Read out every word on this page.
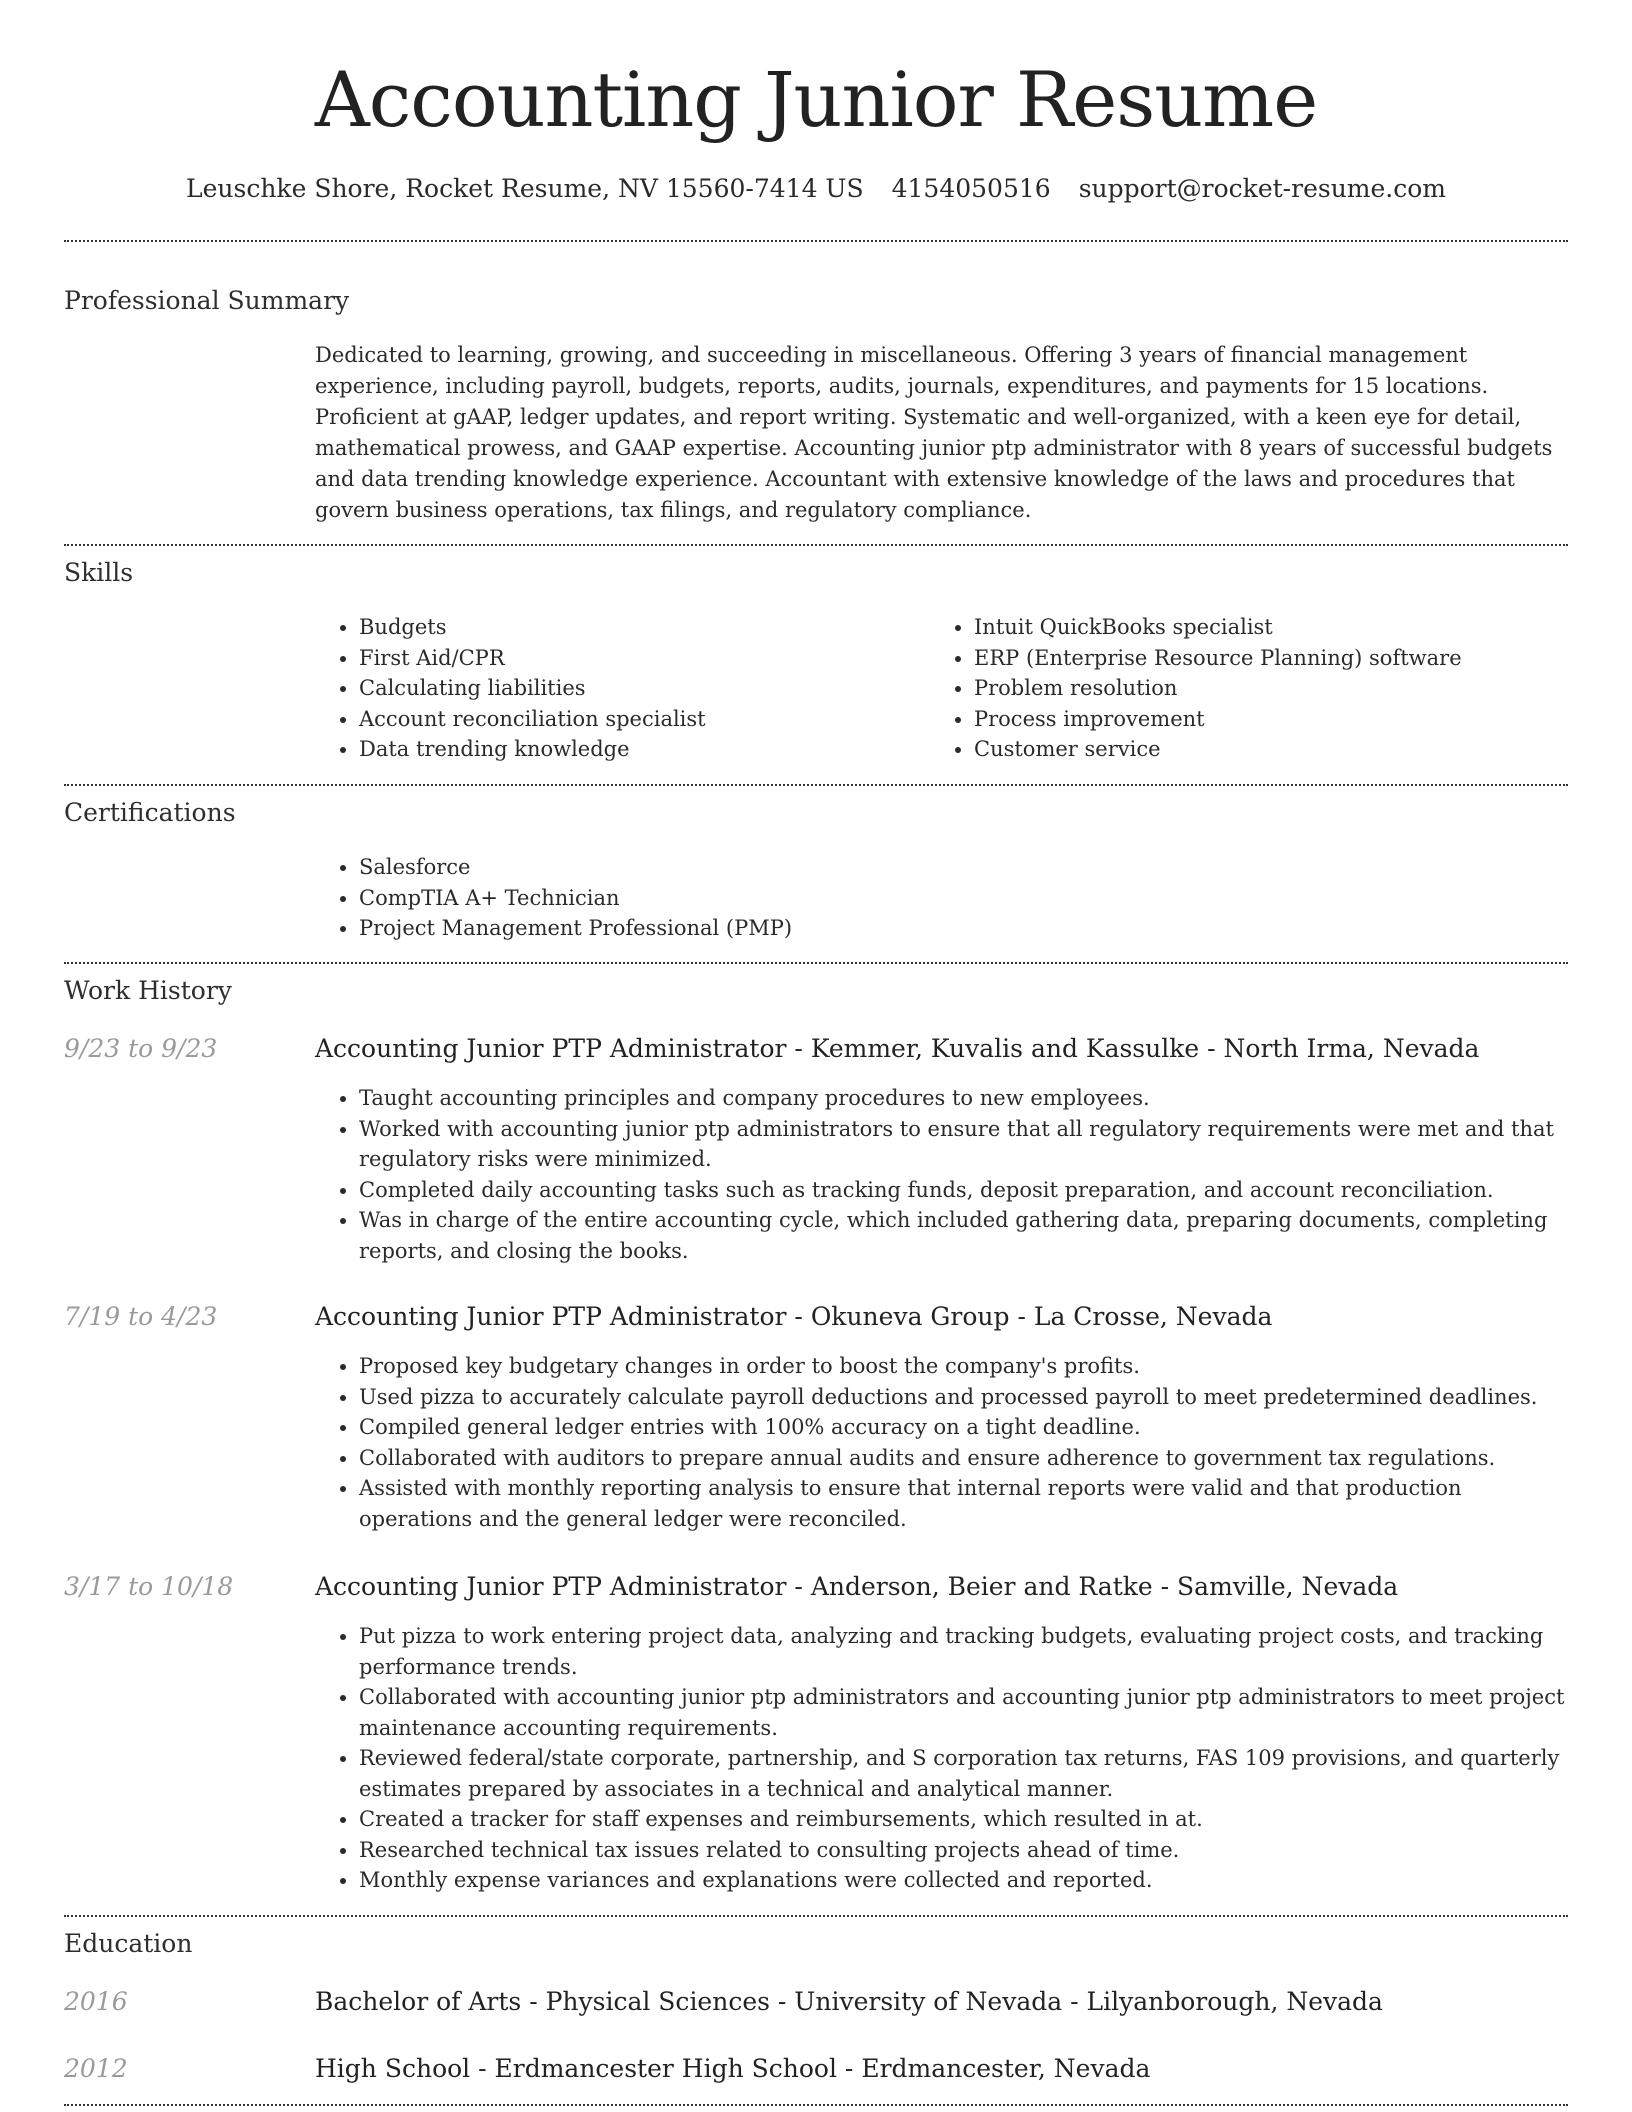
Accounting Junior Resume
Leuschke Shore, Rocket Resume, NV 15560-7414 US 4154050516 support@rocket-resume.com
Professional Summary
Dedicated to learning, growing, and succeeding in miscellaneous. Offering 3 years of financial management experience, including payroll, budgets, reports, audits, journals, expenditures, and payments for 15 locations. Proficient at gAAP, ledger updates, and report writing. Systematic and well-organized, with a keen eye for detail, mathematical prowess, and GAAP expertise. Accounting junior ptp administrator with 8 years of successful budgets and data trending knowledge experience. Accountant with extensive knowledge of the laws and procedures that govern business operations, tax filings, and regulatory compliance.
Skills
• Budgets
• First Aid/CPR
• Calculating liabilities
• Account reconciliation specialist
• Data trending knowledge
• Intuit QuickBooks specialist
• ERP (Enterprise Resource Planning) software
• Problem resolution
• Process improvement
• Customer service
Certifications
• Salesforce
• CompTIA A+ Technician
• Project Management Professional (PMP)
Work History
9/23 to 9/23	Accounting Junior PTP Administrator - Kemmer, Kuvalis and Kassulke - North Irma, Nevada
• Taught accounting principles and company procedures to new employees.
• Worked with accounting junior ptp administrators to ensure that all regulatory requirements were met and that regulatory risks were minimized.
• Completed daily accounting tasks such as tracking funds, deposit preparation, and account reconciliation.
• Was in charge of the entire accounting cycle, which included gathering data, preparing documents, completing reports, and closing the books.
7/19 to 4/23	Accounting Junior PTP Administrator - Okuneva Group - La Crosse, Nevada
• Proposed key budgetary changes in order to boost the company's profits.
• Used pizza to accurately calculate payroll deductions and processed payroll to meet predetermined deadlines.
• Compiled general ledger entries with 100% accuracy on a tight deadline.
• Collaborated with auditors to prepare annual audits and ensure adherence to government tax regulations.
• Assisted with monthly reporting analysis to ensure that internal reports were valid and that production operations and the general ledger were reconciled.
3/17 to 10/18	Accounting Junior PTP Administrator - Anderson, Beier and Ratke - Samville, Nevada
• Put pizza to work entering project data, analyzing and tracking budgets, evaluating project costs, and tracking performance trends.
• Collaborated with accounting junior ptp administrators and accounting junior ptp administrators to meet project maintenance accounting requirements.
• Reviewed federal/state corporate, partnership, and S corporation tax returns, FAS 109 provisions, and quarterly estimates prepared by associates in a technical and analytical manner.
• Created a tracker for staff expenses and reimbursements, which resulted in at.
• Researched technical tax issues related to consulting projects ahead of time.
• Monthly expense variances and explanations were collected and reported.
Education
2016	Bachelor of Arts - Physical Sciences - University of Nevada - Lilyanborough, Nevada
2012	High School - Erdmancester High School - Erdmancester, Nevada
